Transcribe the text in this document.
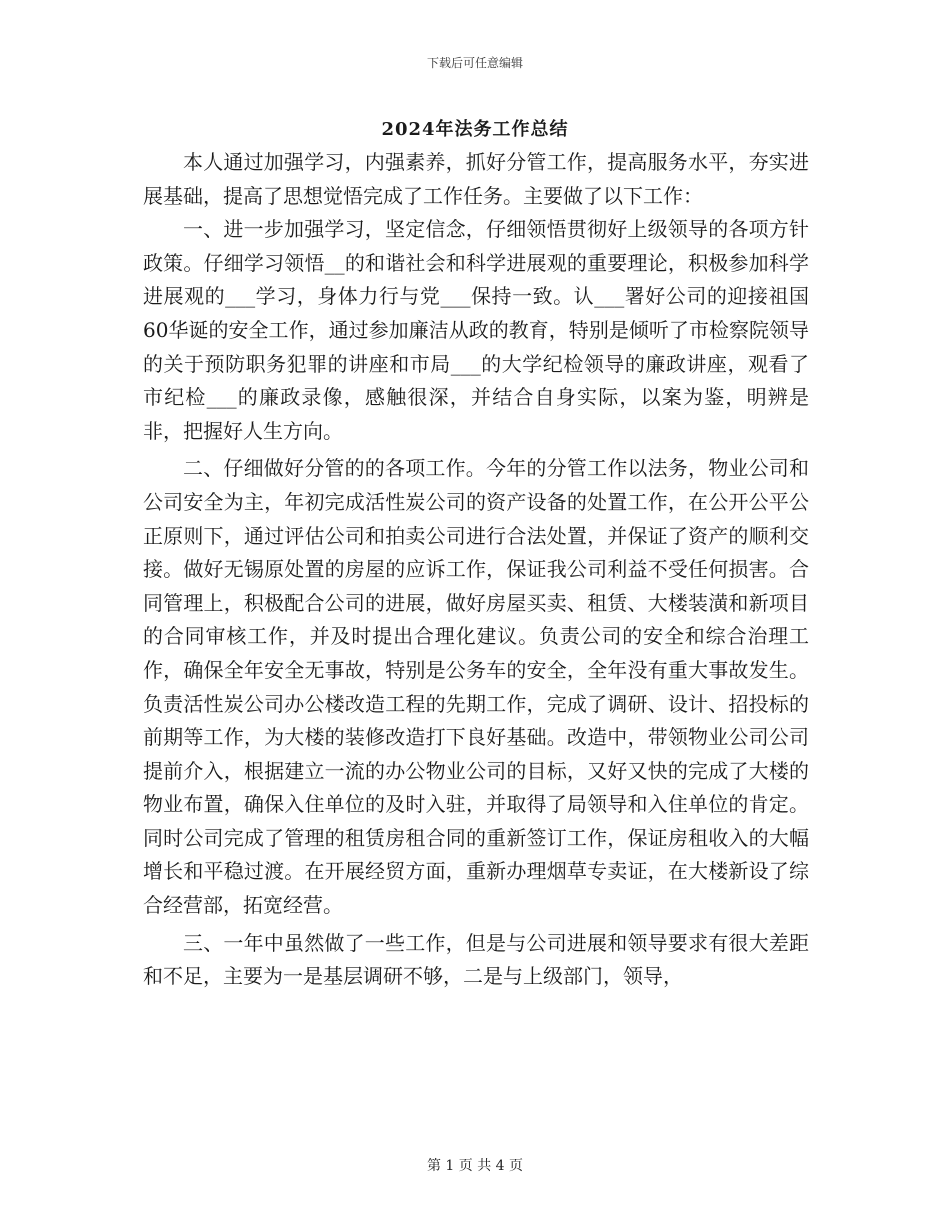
下载后可任意编辑
2024年法务工作总结

本人通过加强学习，内强素养，抓好分管工作，提高服务水平，夯实进展基础，提高了思想觉悟完成了工作任务。主要做了以下工作：

一、进一步加强学习，坚定信念，仔细领悟贯彻好上级领导的各项方针政策。仔细学习领悟__的和谐社会和科学进展观的重要理论，积极参加科学进展观的___学习，身体力行与党___保持一致。认___署好公司的迎接祖国60华诞的安全工作，通过参加廉洁从政的教育，特别是倾听了市检察院领导的关于预防职务犯罪的讲座和市局___的大学纪检领导的廉政讲座，观看了市纪检___的廉政录像，感触很深，并结合自身实际，以案为鉴，明辨是非，把握好人生方向。

二、仔细做好分管的的各项工作。今年的分管工作以法务，物业公司和公司安全为主，年初完成活性炭公司的资产设备的处置工作，在公开公平公正原则下，通过评估公司和拍卖公司进行合法处置，并保证了资产的顺利交接。做好无锡原处置的房屋的应诉工作，保证我公司利益不受任何损害。合同管理上，积极配合公司的进展，做好房屋买卖、租赁、大楼装潢和新项目的合同审核工作，并及时提出合理化建议。负责公司的安全和综合治理工作，确保全年安全无事故，特别是公务车的安全，全年没有重大事故发生。负责活性炭公司办公楼改造工程的先期工作，完成了调研、设计、招投标的前期等工作，为大楼的装修改造打下良好基础。改造中，带领物业公司公司提前介入，根据建立一流的办公物业公司的目标，又好又快的完成了大楼的物业布置，确保入住单位的及时入驻，并取得了局领导和入住单位的肯定。同时公司完成了管理的租赁房租合同的重新签订工作，保证房租收入的大幅增长和平稳过渡。在开展经贸方面，重新办理烟草专卖证，在大楼新设了综合经营部，拓宽经营。

三、一年中虽然做了一些工作，但是与公司进展和领导要求有很大差距和不足，主要为一是基层调研不够，二是与上级部门，领导，

第 1 页 共 4 页
